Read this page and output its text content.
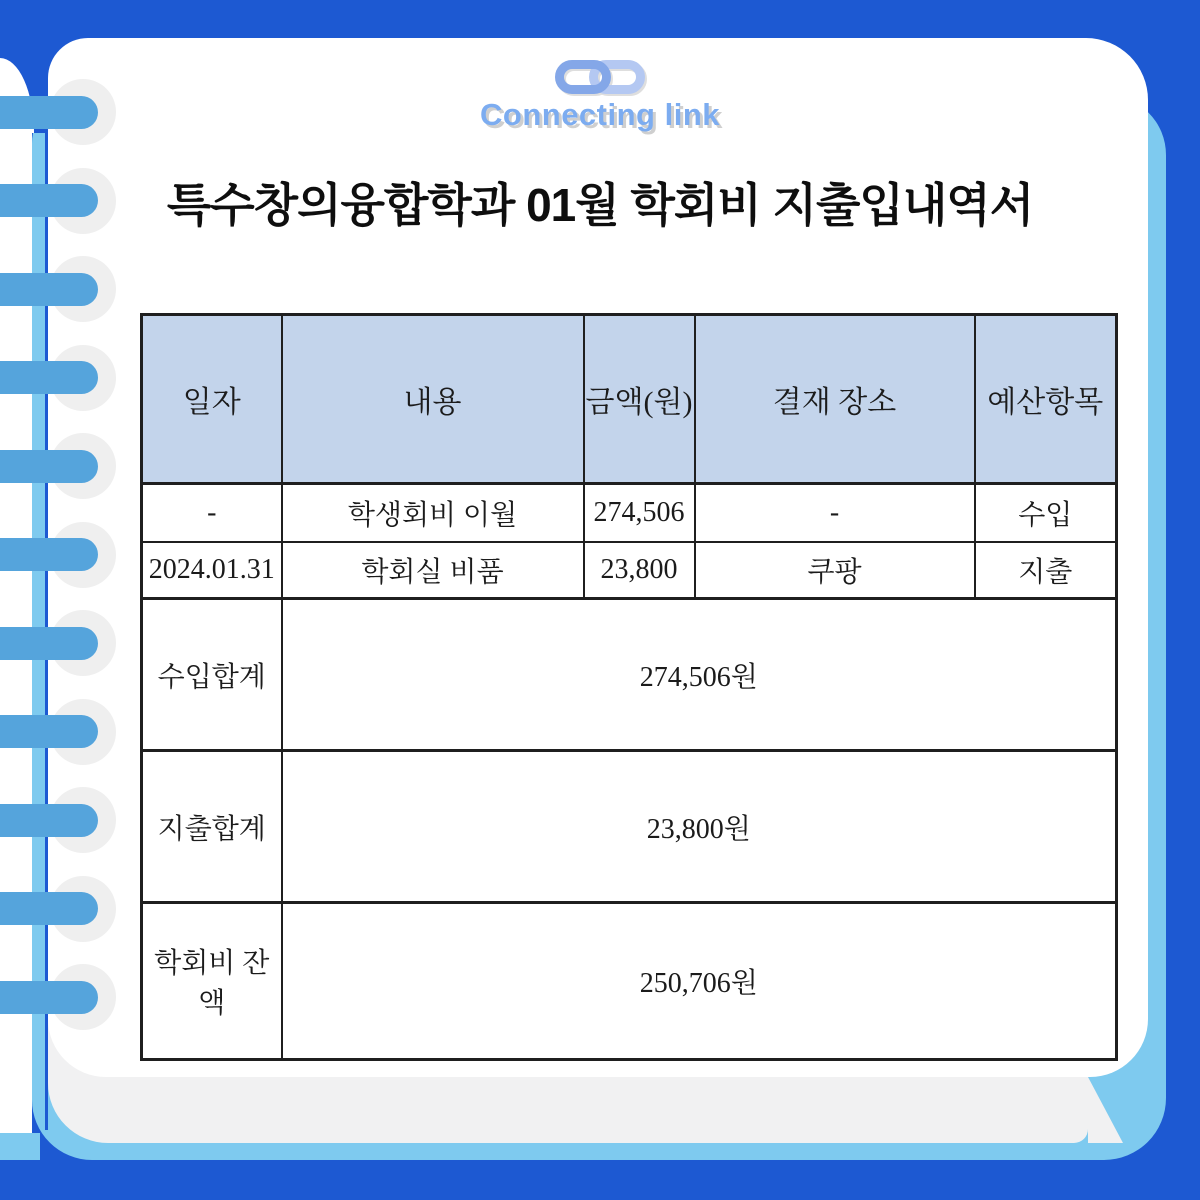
Connecting link
특수창의융합학과 01월 학회비 지출입내역서
일자	내용	금액(원)	결재 장소	예산항목
-	학생회비 이월	274,506	-	수입
2024.01.31	학회실 비품	23,800	쿠팡	지출
수입합계	274,506원			
지출합계	23,800원			
학회비 잔액	250,706원			
